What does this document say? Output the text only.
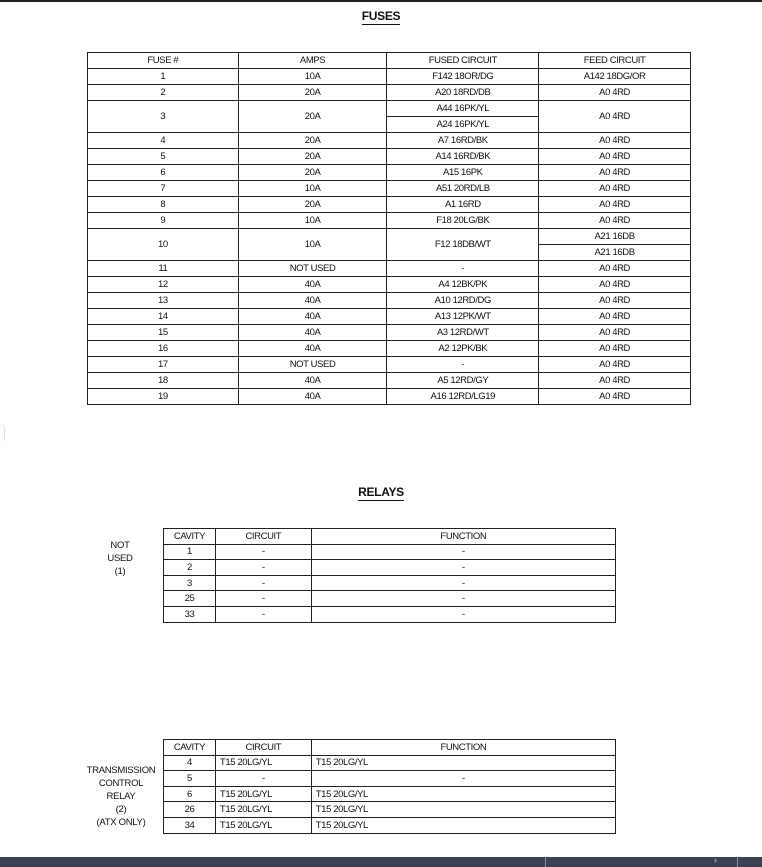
FUSES
FUSE #	AMPS	FUSED CIRCUIT	FEED CIRCUIT
1	10A	F142 18OR/DG	A142 18DG/OR
2	20A	A20 18RD/DB	A0 4RD
3	20A	A44 16PK/YL
A24 16PK/YL	A0 4RD
4	20A	A7 16RD/BK	A0 4RD
5	20A	A14 16RD/BK	A0 4RD
6	20A	A15 16PK	A0 4RD
7	10A	A51 20RD/LB	A0 4RD
8	20A	A1 16RD	A0 4RD
9	10A	F18 20LG/BK	A0 4RD
10	10A	F12 18DB/WT	A21 16DB
A21 16DB

11	NOT USED	-	A0 4RD
12	40A	A4 12BK/PK	A0 4RD
13	40A	A10 12RD/DG	A0 4RD
14	40A	A13 12PK/WT	A0 4RD
15	40A	A3 12RD/WT	A0 4RD
16	40A	A2 12PK/BK	A0 4RD
17	NOT USED	-	A0 4RD
18	40A	A5 12RD/GY	A0 4RD
19	40A	A16 12RD/LG19	A0 4RD
RELAYS
NOT
USED
(1)
CAVITY	CIRCUIT	FUNCTION
1	-	-
2	-	-
3	-	-
25	-	-
33	-	-
TRANSMISSION
CONTROL
RELAY
(2)
(ATX ONLY)
CAVITY	CIRCUIT	FUNCTION
4	T15 20LG/YL	T15 20LG/YL
5	-	-
6	T15 20LG/YL	T15 20LG/YL
26	T15 20LG/YL	T15 20LG/YL
34	T15 20LG/YL	T15 20LG/YL
›
